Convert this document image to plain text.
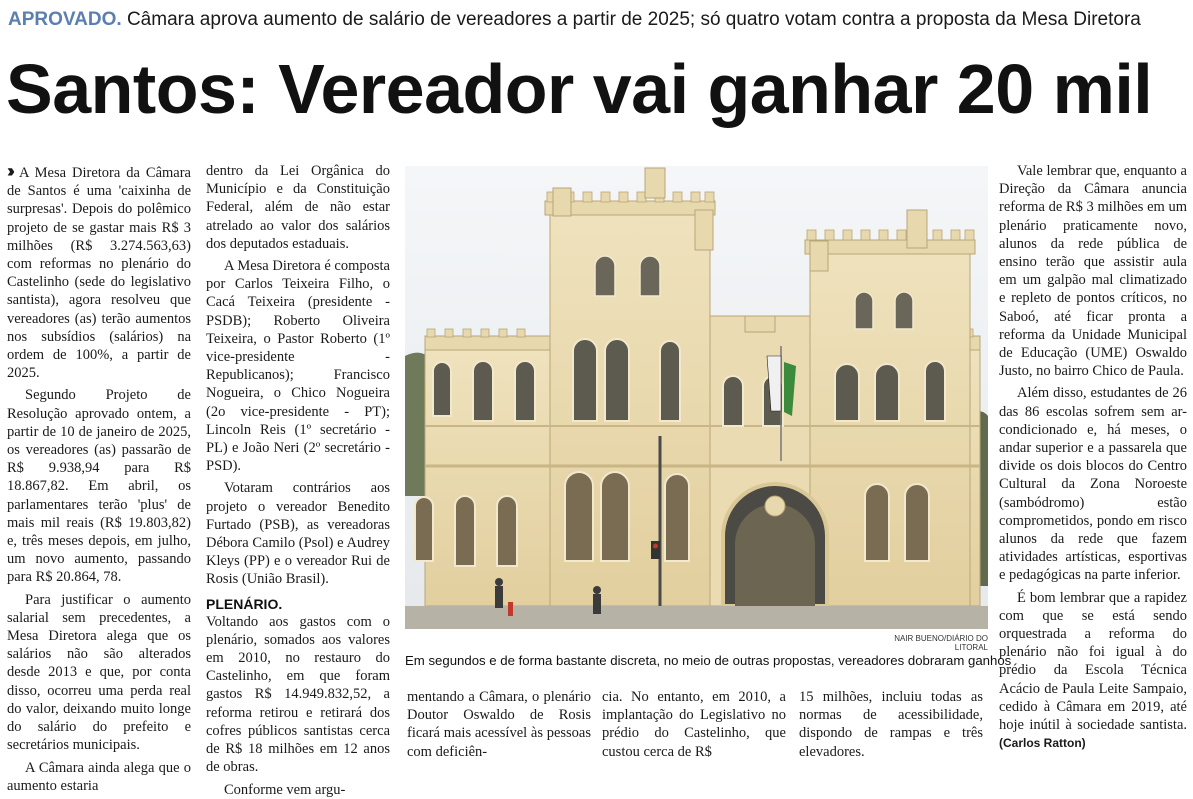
APROVADO. Câmara aprova aumento de salário de vereadores a partir de 2025; só quatro votam contra a proposta da Mesa Diretora
Santos: Vereador vai ganhar 20 mil

›› A Mesa Diretora da Câmara de Santos é uma 'caixinha de surpresas'. Depois do polêmico projeto de se gastar mais R$ 3 milhões (R$ 3.274.563,63) com reformas no plenário do Castelinho (sede do legislativo santista), agora resolveu que vereadores (as) terão aumentos nos subsídios (salários) na ordem de 100%, a partir de 2025.

Segundo Projeto de Resolução aprovado ontem, a partir de 10 de janeiro de 2025, os vereadores (as) passarão de R$ 9.938,94 para R$ 18.867,82. Em abril, os parlamentares terão 'plus' de mais mil reais (R$ 19.803,82) e, três meses depois, em julho, um novo aumento, passando para R$ 20.864, 78.

Para justificar o aumento salarial sem precedentes, a Mesa Diretora alega que os salários não são alterados desde 2013 e que, por conta disso, ocorreu uma perda real do valor, deixando muito longe do salário do prefeito e secretários municipais.

A Câmara ainda alega que o aumento estaria

dentro da Lei Orgânica do Município e da Constituição Federal, além de não estar atrelado ao valor dos salários dos deputados estaduais.

A Mesa Diretora é composta por Carlos Teixeira Filho, o Cacá Teixeira (presidente - PSDB); Roberto Oliveira Teixeira, o Pastor Roberto (1º vice-presidente - Republicanos); Francisco Nogueira, o Chico Nogueira (2o vice-presidente - PT); Lincoln Reis (1º secretário - PL) e João Neri (2º secretário - PSD).

Votaram contrários aos projeto o vereador Benedito Furtado (PSB), as vereadoras Débora Camilo (Psol) e Audrey Kleys (PP) e o vereador Rui de Rosis (União Brasil).

PLENÁRIO.

Voltando aos gastos com o plenário, somados aos valores em 2010, no restauro do Castelinho, em que foram gastos R$ 14.949.832,52, a reforma retirou e retirará dos cofres públicos santistas cerca de R$ 18 milhões em 12 anos de obras.

Conforme vem argu-

NAIR BUENO/DIÁRIO DO LITORAL
Em segundos e de forma bastante discreta, no meio de outras propostas, vereadores dobraram ganhos

mentando a Câmara, o plenário Doutor Oswaldo de Rosis ficará mais acessível às pessoas com deficiên-

cia. No entanto, em 2010, a implantação do Legislativo no prédio do Castelinho, que custou cerca de R$

15 milhões, incluiu todas as normas de acessibilidade, dispondo de rampas e três elevadores.

Vale lembrar que, enquanto a Direção da Câmara anuncia reforma de R$ 3 milhões em um plenário praticamente novo, alunos da rede pública de ensino terão que assistir aula em um galpão mal climatizado e repleto de pontos críticos, no Saboó, até ficar pronta a reforma da Unidade Municipal de Educação (UME) Oswaldo Justo, no bairro Chico de Paula.

Além disso, estudantes de 26 das 86 escolas sofrem sem ar-condicionado e, há meses, o andar superior e a passarela que divide os dois blocos do Centro Cultural da Zona Noroeste (sambódromo) estão comprometidos, pondo em risco alunos da rede que fazem atividades artísticas, esportivas e pedagógicas na parte inferior.

É bom lembrar que a rapidez com que se está sendo orquestrada a reforma do plenário não foi igual à do prédio da Escola Técnica Acácio de Paula Leite Sampaio, cedido à Câmara em 2019, até hoje inútil à sociedade santista. (Carlos Ratton)
